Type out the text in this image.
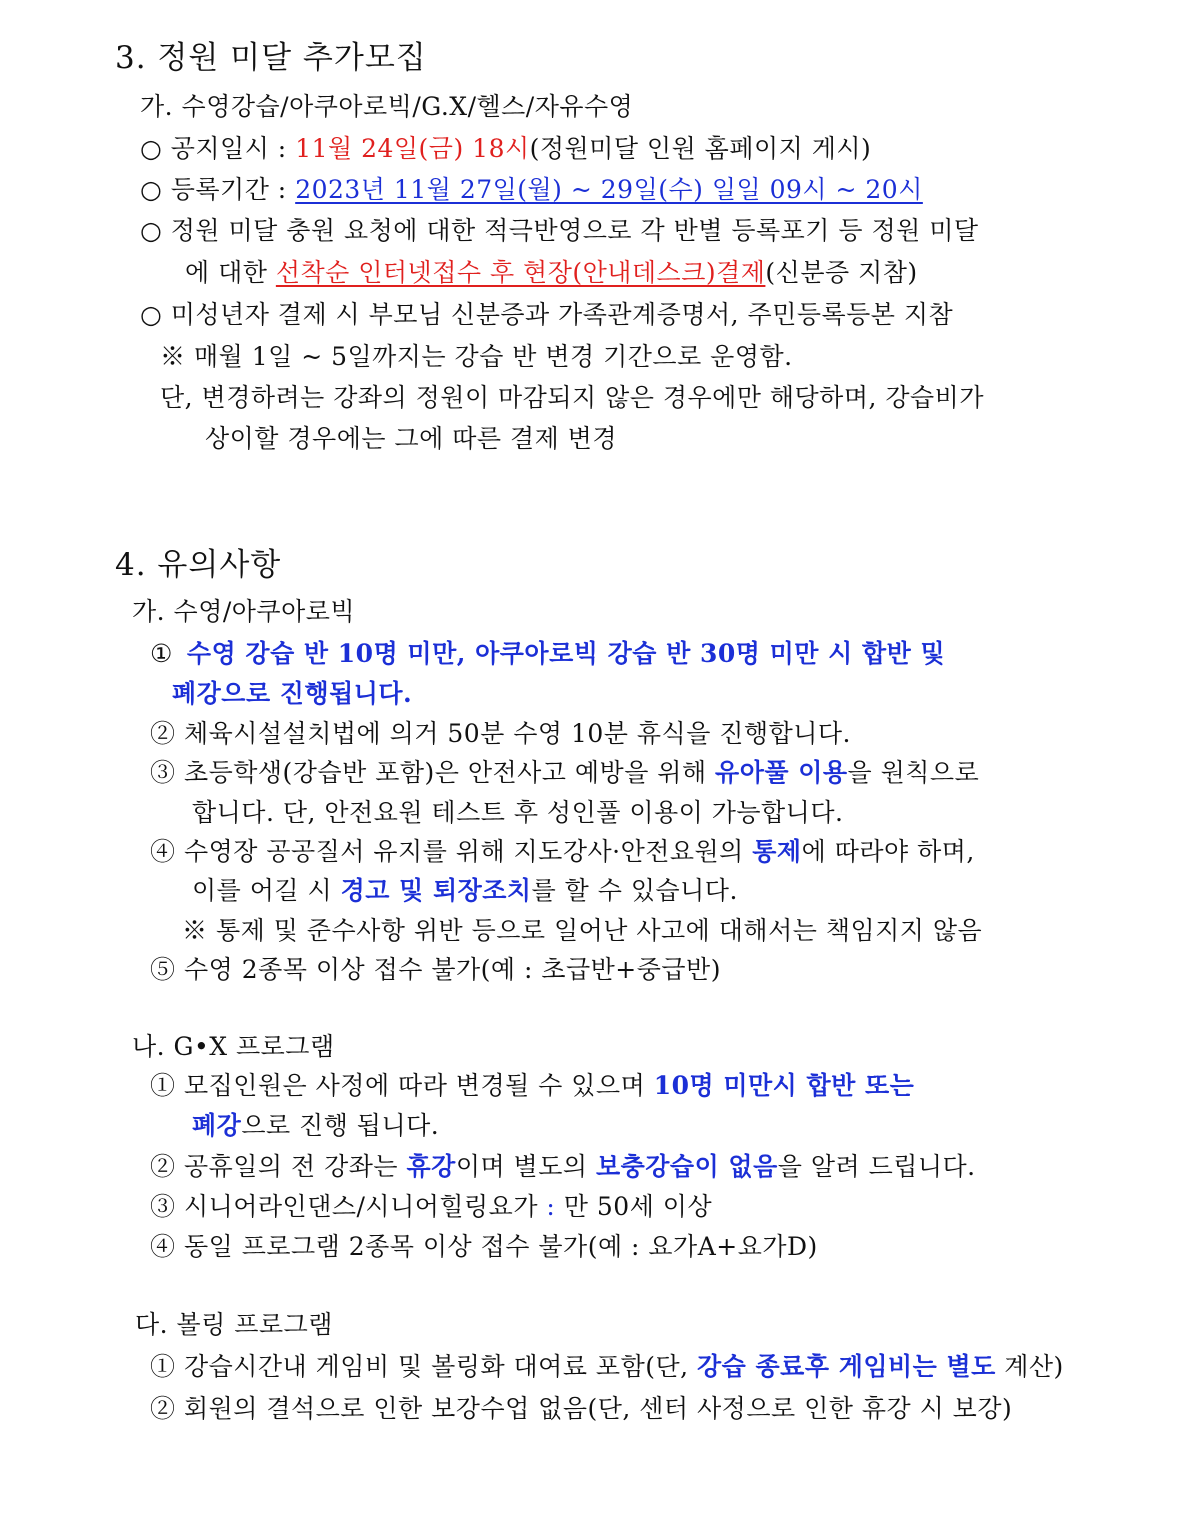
3. 정원 미달 추가모집
가. 수영강습/아쿠아로빅/G.X/헬스/자유수영
○ 공지일시 : 11월 24일(금) 18시(정원미달 인원 홈페이지 게시)
○ 등록기간 : 2023년 11월 27일(월) ~ 29일(수) 일일 09시 ~ 20시
○ 정원 미달 충원 요청에 대한 적극반영으로 각 반별 등록포기 등 정원 미달
에 대한 선착순 인터넷접수 후 현장(안내데스크)결제(신분증 지참)
○ 미성년자 결제 시 부모님 신분증과 가족관계증명서, 주민등록등본 지참
※ 매월 1일 ~ 5일까지는 강습 반 변경 기간으로 운영함.
단, 변경하려는 강좌의 정원이 마감되지 않은 경우에만 해당하며, 강습비가
상이할 경우에는 그에 따른 결제 변경
4. 유의사항
가. 수영/아쿠아로빅
① 수영 강습 반 10명 미만, 아쿠아로빅 강습 반 30명 미만 시 합반 및
폐강으로 진행됩니다.
② 체육시설설치법에 의거 50분 수영 10분 휴식을 진행합니다.
③ 초등학생(강습반 포함)은 안전사고 예방을 위해 유아풀 이용을 원칙으로
합니다. 단, 안전요원 테스트 후 성인풀 이용이 가능합니다.
④ 수영장 공공질서 유지를 위해 지도강사·안전요원의 통제에 따라야 하며,
이를 어길 시 경고 및 퇴장조치를 할 수 있습니다.
※ 통제 및 준수사항 위반 등으로 일어난 사고에 대해서는 책임지지 않음
⑤ 수영 2종목 이상 접수 불가(예 : 초급반+중급반)
나. G•X 프로그램
① 모집인원은 사정에 따라 변경될 수 있으며 10명 미만시 합반 또는
폐강으로 진행 됩니다.
② 공휴일의 전 강좌는 휴강이며 별도의 보충강습이 없음을 알려 드립니다.
③ 시니어라인댄스/시니어힐링요가 : 만 50세 이상
④ 동일 프로그램 2종목 이상 접수 불가(예 : 요가A+요가D)
다. 볼링 프로그램
① 강습시간내 게임비 및 볼링화 대여료 포함(단, 강습 종료후 게임비는 별도 계산)
② 회원의 결석으로 인한 보강수업 없음(단, 센터 사정으로 인한 휴강 시 보강)
